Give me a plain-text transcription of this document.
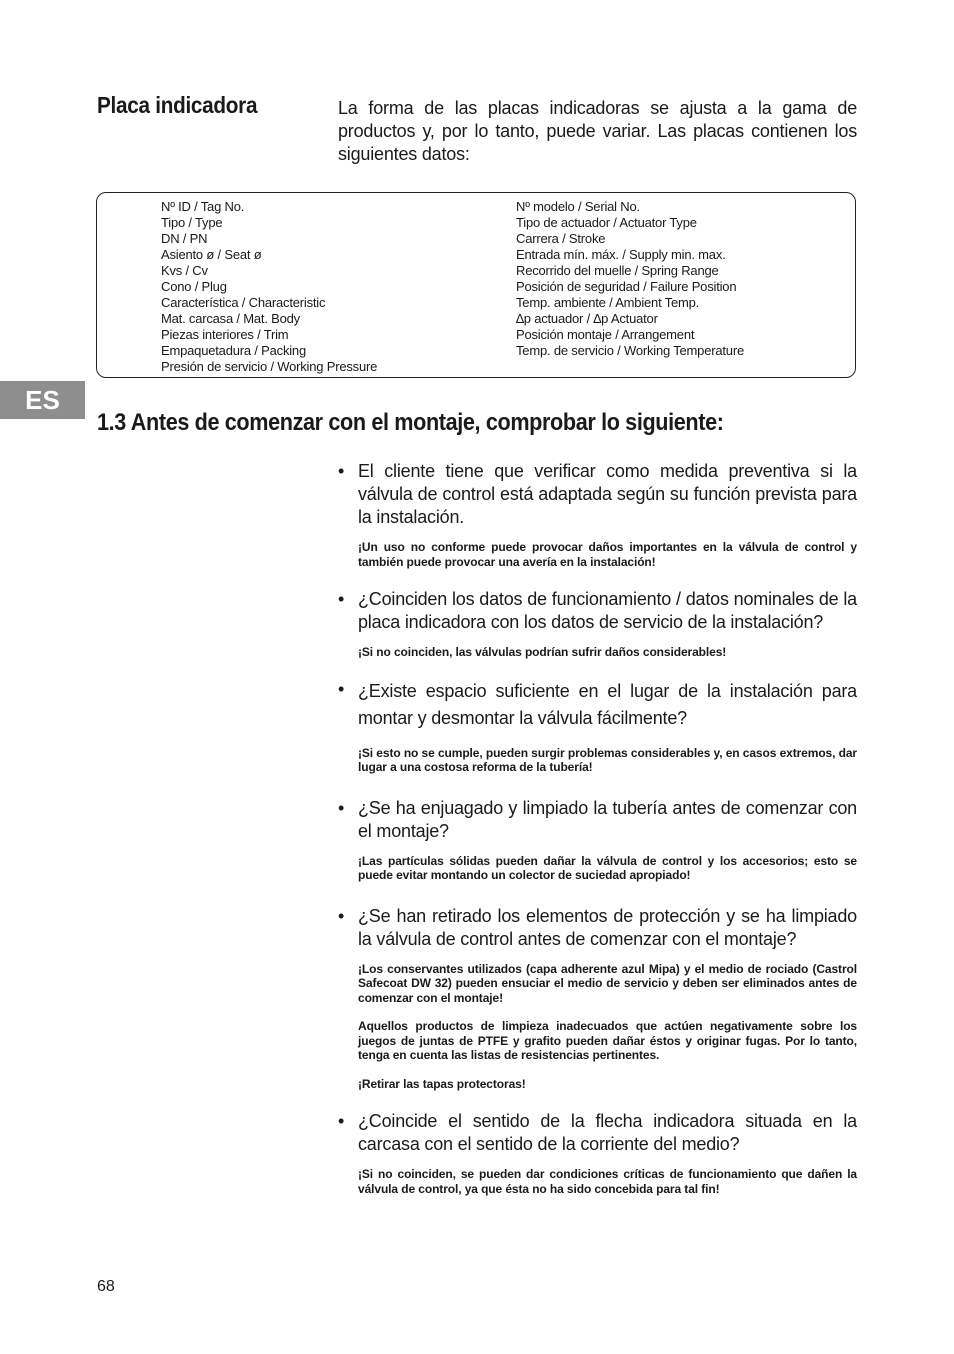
Placa indicadora	La forma de las placas indicadoras se ajusta a la gama de productos y, por lo tanto, puede variar. Las placas contienen los siguientes datos:

Nº ID / Tag No.
Tipo / Type
DN / PN
Asiento ø / Seat ø
Kvs / Cv
Cono / Plug
Característica / Characteristic
Mat. carcasa / Mat. Body
Piezas interiores / Trim
Empaquetadura / Packing
Presión de servicio / Working Pressure
Nº modelo / Serial No.
Tipo de actuador / Actuator Type
Carrera / Stroke
Entrada mín. máx. / Supply min. max.
Recorrido del muelle / Spring Range
Posición de seguridad / Failure Position
Temp. ambiente / Ambient Temp.
∆p actuador / ∆p Actuator
Posición montaje / Arrangement
Temp. de servicio / Working Temperature
ES
1.3 Antes de comenzar con el montaje, comprobar lo siguiente:
• El cliente tiene que verificar como medida preventiva si la válvula de control está adaptada según su función prevista para la instalación.

¡Un uso no conforme puede provocar daños importantes en la válvula de control y también puede provocar una avería en la instalación!

• ¿Coinciden los datos de funcionamiento / datos nominales de la placa indicadora con los datos de servicio de la instalación?

¡Si no coinciden, las válvulas podrían sufrir daños considerables!

• ¿Existe espacio suficiente en el lugar de la instalación para montar y desmontar la válvula fácilmente?

¡Si esto no se cumple, pueden surgir problemas considerables y, en casos extremos, dar lugar a una costosa reforma de la tubería!

• ¿Se ha enjuagado y limpiado la tubería antes de comenzar con el montaje?

¡Las partículas sólidas pueden dañar la válvula de control y los accesorios; esto se puede evitar montando un colector de suciedad apropiado!

• ¿Se han retirado los elementos de protección y se ha limpiado la válvula de control antes de comenzar con el montaje?

¡Los conservantes utilizados (capa adherente azul Mipa) y el medio de rociado (Castrol Safecoat DW 32) pueden ensuciar el medio de servicio y deben ser eliminados antes de comenzar con el montaje!

Aquellos productos de limpieza inadecuados que actúen negativamente sobre los juegos de juntas de PTFE y grafito pueden dañar éstos y originar fugas. Por lo tanto, tenga en cuenta las listas de resistencias pertinentes.

¡Retirar las tapas protectoras!

• ¿Coincide el sentido de la flecha indicadora situada en la carcasa con el sentido de la corriente del medio?

¡Si no coinciden, se pueden dar condiciones críticas de funcionamiento que dañen la válvula de control, ya que ésta no ha sido concebida para tal fin!

68
